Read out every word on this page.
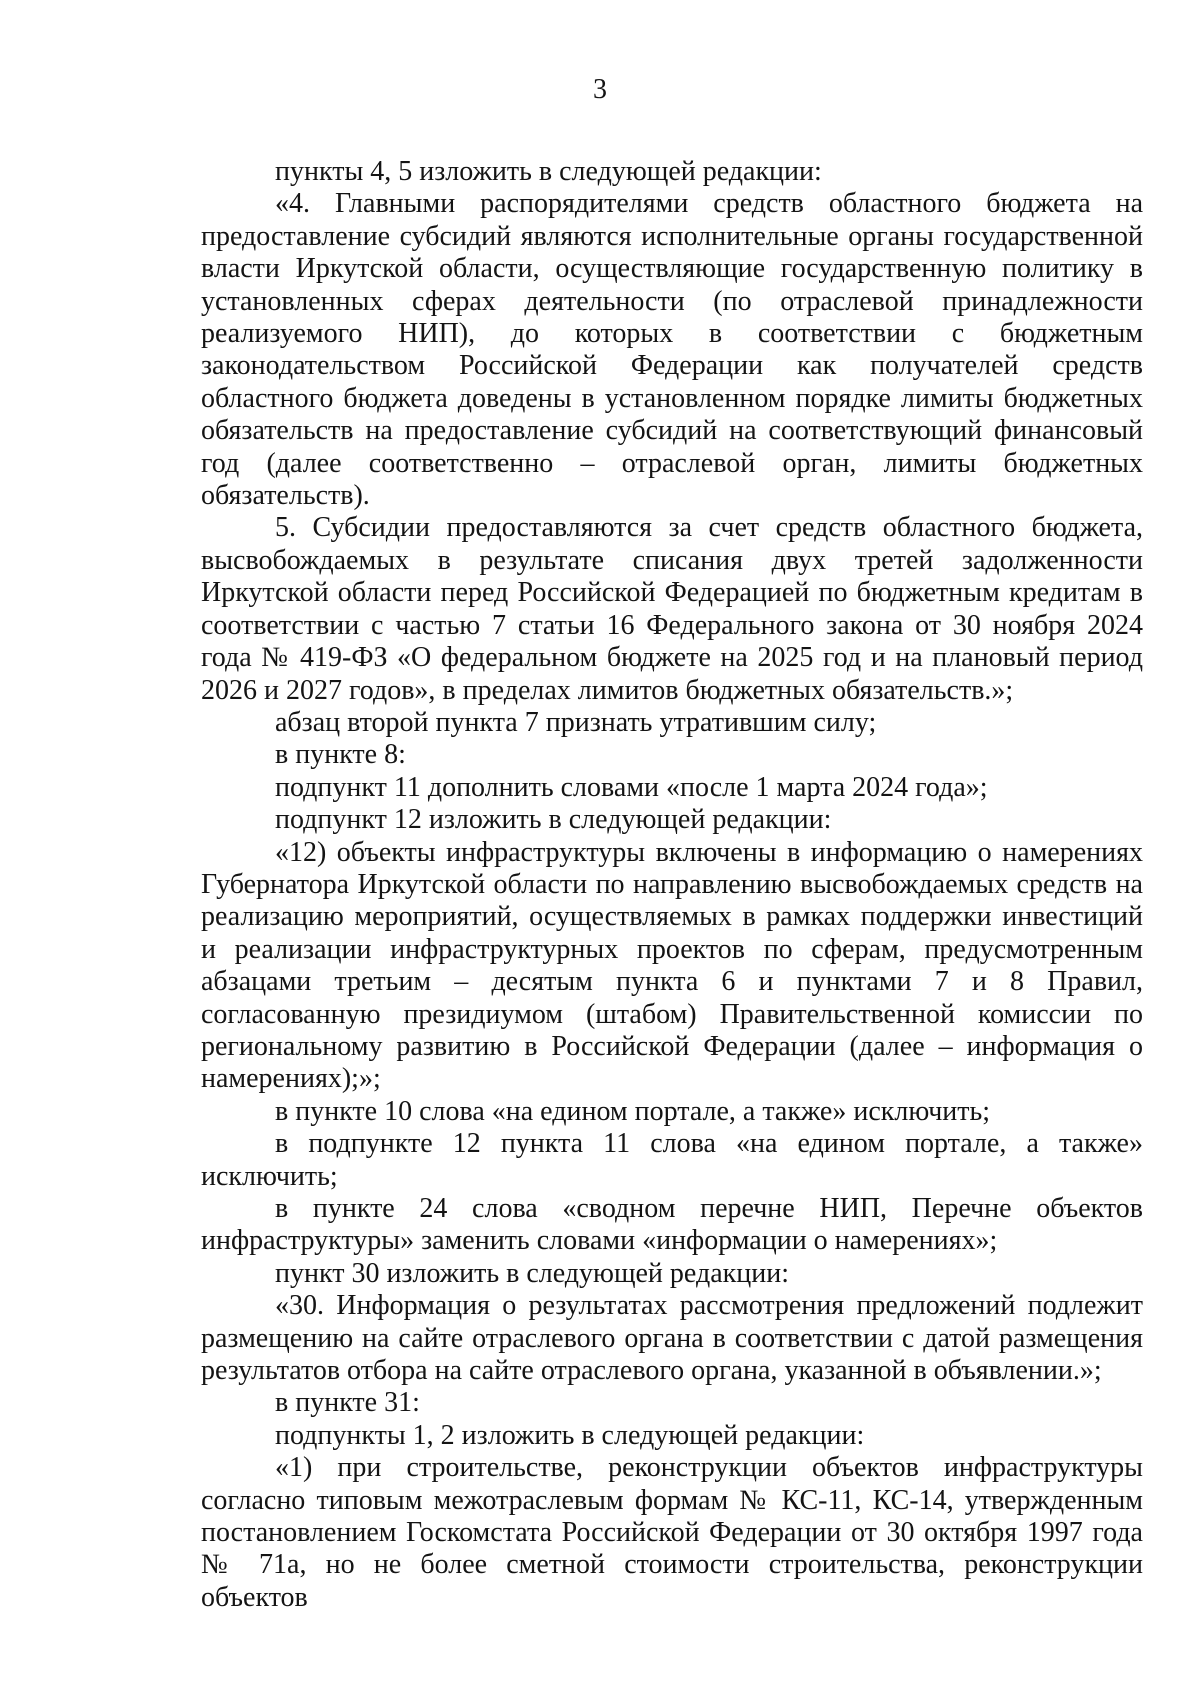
3

пункты 4, 5 изложить в следующей редакции:

«4. Главными распорядителями средств областного бюджета на предоставление субсидий являются исполнительные органы государственной власти Иркутской области, осуществляющие государственную политику в установленных сферах деятельности (по отраслевой принадлежности реализуемого НИП), до которых в соответствии с бюджетным законодательством Российской Федерации как получателей средств областного бюджета доведены в установленном порядке лимиты бюджетных обязательств на предоставление субсидий на соответствующий финансовый год (далее соответственно – отраслевой орган, лимиты бюджетных обязательств).

5. Субсидии предоставляются за счет средств областного бюджета, высвобождаемых в результате списания двух третей задолженности Иркутской области перед Российской Федерацией по бюджетным кредитам в соответствии с частью 7 статьи 16 Федерального закона от 30 ноября 2024 года № 419-ФЗ «О федеральном бюджете на 2025 год и на плановый период 2026 и 2027 годов», в пределах лимитов бюджетных обязательств.»;

абзац второй пункта 7 признать утратившим силу;

в пункте 8:

подпункт 11 дополнить словами «после 1 марта 2024 года»;

подпункт 12 изложить в следующей редакции:

«12) объекты инфраструктуры включены в информацию о намерениях Губернатора Иркутской области по направлению высвобождаемых средств на реализацию мероприятий, осуществляемых в рамках поддержки инвестиций и реализации инфраструктурных проектов по сферам, предусмотренным абзацами третьим – десятым пункта 6 и пунктами 7 и 8 Правил, согласованную президиумом (штабом) Правительственной комиссии по региональному развитию в Российской Федерации (далее – информация о намерениях);»;

в пункте 10 слова «на едином портале, а также» исключить;

в подпункте 12 пункта 11 слова «на едином портале, а также» исключить;

в пункте 24 слова «сводном перечне НИП, Перечне объектов инфраструктуры» заменить словами «информации о намерениях»;

пункт 30 изложить в следующей редакции:

«30. Информация о результатах рассмотрения предложений подлежит размещению на сайте отраслевого органа в соответствии с датой размещения результатов отбора на сайте отраслевого органа, указанной в объявлении.»;

в пункте 31:

подпункты 1, 2 изложить в следующей редакции:

«1) при строительстве, реконструкции объектов инфраструктуры согласно типовым межотраслевым формам № КС-11, КС-14, утвержденным постановлением Госкомстата Российской Федерации от 30 октября 1997 года № 71а, но не более сметной стоимости строительства, реконструкции объектов
